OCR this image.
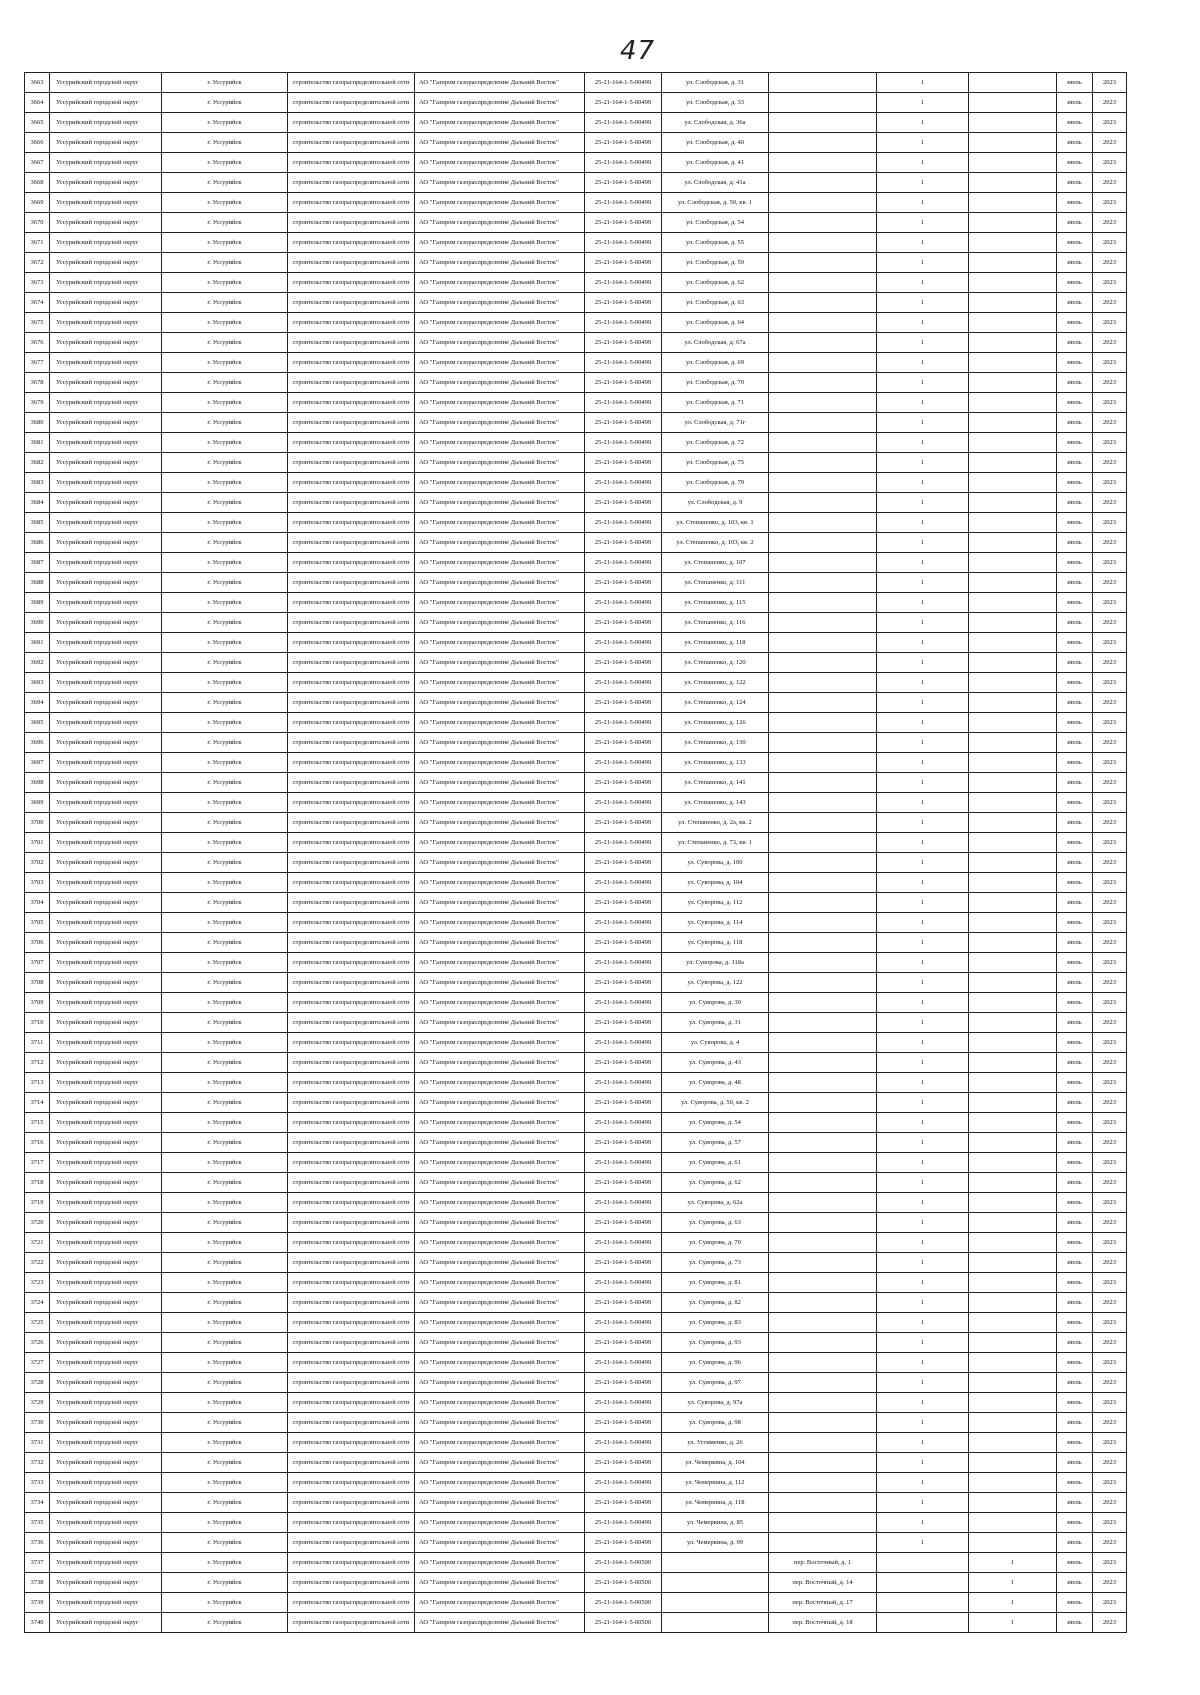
47
3663	Уссурийский городской округ	г. Уссурийск	строительство газораспределительной сети	АО "Газпром газораспределение Дальний Восток"	25-21-164-1-5-00499	ул. Слободская, д. 31		1		июль	2023
3664	Уссурийский городской округ	г. Уссурийск	строительство газораспределительной сети	АО "Газпром газораспределение Дальний Восток"	25-21-164-1-5-00499	ул. Слободская, д. 33		1		июль	2023
3665	Уссурийский городской округ	г. Уссурийск	строительство газораспределительной сети	АО "Газпром газораспределение Дальний Восток"	25-21-164-1-5-00499	ул. Слободская, д. 36а		1		июль	2023
3666	Уссурийский городской округ	г. Уссурийск	строительство газораспределительной сети	АО "Газпром газораспределение Дальний Восток"	25-21-164-1-5-00499	ул. Слободская, д. 40		1		июль	2023
3667	Уссурийский городской округ	г. Уссурийск	строительство газораспределительной сети	АО "Газпром газораспределение Дальний Восток"	25-21-164-1-5-00499	ул. Слободская, д. 41		1		июль	2023
3668	Уссурийский городской округ	г. Уссурийск	строительство газораспределительной сети	АО "Газпром газораспределение Дальний Восток"	25-21-164-1-5-00499	ул. Слободская, д. 41а		1		июль	2023
3669	Уссурийский городской округ	г. Уссурийск	строительство газораспределительной сети	АО "Газпром газораспределение Дальний Восток"	25-21-164-1-5-00499	ул. Слободская, д. 50, кв. 1		1		июль	2023
3670	Уссурийский городской округ	г. Уссурийск	строительство газораспределительной сети	АО "Газпром газораспределение Дальний Восток"	25-21-164-1-5-00499	ул. Слободская, д. 54		1		июль	2023
3671	Уссурийский городской округ	г. Уссурийск	строительство газораспределительной сети	АО "Газпром газораспределение Дальний Восток"	25-21-164-1-5-00499	ул. Слободская, д. 55		1		июль	2023
3672	Уссурийский городской округ	г. Уссурийск	строительство газораспределительной сети	АО "Газпром газораспределение Дальний Восток"	25-21-164-1-5-00499	ул. Слободская, д. 59		1		июль	2023
3673	Уссурийский городской округ	г. Уссурийск	строительство газораспределительной сети	АО "Газпром газораспределение Дальний Восток"	25-21-164-1-5-00499	ул. Слободская, д. 62		1		июль	2023
3674	Уссурийский городской округ	г. Уссурийск	строительство газораспределительной сети	АО "Газпром газораспределение Дальний Восток"	25-21-164-1-5-00499	ул. Слободская, д. 63		1		июль	2023
3675	Уссурийский городской округ	г. Уссурийск	строительство газораспределительной сети	АО "Газпром газораспределение Дальний Восток"	25-21-164-1-5-00499	ул. Слободская, д. 64		1		июль	2023
3676	Уссурийский городской округ	г. Уссурийск	строительство газораспределительной сети	АО "Газпром газораспределение Дальний Восток"	25-21-164-1-5-00499	ул. Слободская, д. 67а		1		июль	2023
3677	Уссурийский городской округ	г. Уссурийск	строительство газораспределительной сети	АО "Газпром газораспределение Дальний Восток"	25-21-164-1-5-00499	ул. Слободская, д. 69		1		июль	2023
3678	Уссурийский городской округ	г. Уссурийск	строительство газораспределительной сети	АО "Газпром газораспределение Дальний Восток"	25-21-164-1-5-00499	ул. Слободская, д. 70		1		июль	2023
3679	Уссурийский городской округ	г. Уссурийск	строительство газораспределительной сети	АО "Газпром газораспределение Дальний Восток"	25-21-164-1-5-00499	ул. Слободская, д. 71		1		июль	2023
3680	Уссурийский городской округ	г. Уссурийск	строительство газораспределительной сети	АО "Газпром газораспределение Дальний Восток"	25-21-164-1-5-00499	ул. Слободская, д. 71г		1		июль	2023
3681	Уссурийский городской округ	г. Уссурийск	строительство газораспределительной сети	АО "Газпром газораспределение Дальний Восток"	25-21-164-1-5-00499	ул. Слободская, д. 72		1		июль	2023
3682	Уссурийский городской округ	г. Уссурийск	строительство газораспределительной сети	АО "Газпром газораспределение Дальний Восток"	25-21-164-1-5-00499	ул. Слободская, д. 75		1		июль	2023
3683	Уссурийский городской округ	г. Уссурийск	строительство газораспределительной сети	АО "Газпром газораспределение Дальний Восток"	25-21-164-1-5-00499	ул. Слободская, д. 79		1		июль	2023
3684	Уссурийский городской округ	г. Уссурийск	строительство газораспределительной сети	АО "Газпром газораспределение Дальний Восток"	25-21-164-1-5-00499	ул. Слободская, д. 9		1		июль	2023
3685	Уссурийский городской округ	г. Уссурийск	строительство газораспределительной сети	АО "Газпром газораспределение Дальний Восток"	25-21-164-1-5-00499	ул. Степаненко, д. 103, кв. 1		1		июль	2023
3686	Уссурийский городской округ	г. Уссурийск	строительство газораспределительной сети	АО "Газпром газораспределение Дальний Восток"	25-21-164-1-5-00499	ул. Степаненко, д. 103, кв. 2		1		июль	2023
3687	Уссурийский городской округ	г. Уссурийск	строительство газораспределительной сети	АО "Газпром газораспределение Дальний Восток"	25-21-164-1-5-00499	ул. Степаненко, д. 107		1		июль	2023
3688	Уссурийский городской округ	г. Уссурийск	строительство газораспределительной сети	АО "Газпром газораспределение Дальний Восток"	25-21-164-1-5-00499	ул. Степаненко, д. 111		1		июль	2023
3689	Уссурийский городской округ	г. Уссурийск	строительство газораспределительной сети	АО "Газпром газораспределение Дальний Восток"	25-21-164-1-5-00499	ул. Степаненко, д. 115		1		июль	2023
3690	Уссурийский городской округ	г. Уссурийск	строительство газораспределительной сети	АО "Газпром газораспределение Дальний Восток"	25-21-164-1-5-00499	ул. Степаненко, д. 116		1		июль	2023
3691	Уссурийский городской округ	г. Уссурийск	строительство газораспределительной сети	АО "Газпром газораспределение Дальний Восток"	25-21-164-1-5-00499	ул. Степаненко, д. 118		1		июль	2023
3692	Уссурийский городской округ	г. Уссурийск	строительство газораспределительной сети	АО "Газпром газораспределение Дальний Восток"	25-21-164-1-5-00499	ул. Степаненко, д. 120		1		июль	2023
3693	Уссурийский городской округ	г. Уссурийск	строительство газораспределительной сети	АО "Газпром газораспределение Дальний Восток"	25-21-164-1-5-00499	ул. Степаненко, д. 122		1		июль	2023
3694	Уссурийский городской округ	г. Уссурийск	строительство газораспределительной сети	АО "Газпром газораспределение Дальний Восток"	25-21-164-1-5-00499	ул. Степаненко, д. 124		1		июль	2023
3695	Уссурийский городской округ	г. Уссурийск	строительство газораспределительной сети	АО "Газпром газораспределение Дальний Восток"	25-21-164-1-5-00499	ул. Степаненко, д. 126		1		июль	2023
3696	Уссурийский городской округ	г. Уссурийск	строительство газораспределительной сети	АО "Газпром газораспределение Дальний Восток"	25-21-164-1-5-00499	ул. Степаненко, д. 130		1		июль	2023
3697	Уссурийский городской округ	г. Уссурийск	строительство газораспределительной сети	АО "Газпром газораспределение Дальний Восток"	25-21-164-1-5-00499	ул. Степаненко, д. 133		1		июль	2023
3698	Уссурийский городской округ	г. Уссурийск	строительство газораспределительной сети	АО "Газпром газораспределение Дальний Восток"	25-21-164-1-5-00499	ул. Степаненко, д. 141		1		июль	2023
3699	Уссурийский городской округ	г. Уссурийск	строительство газораспределительной сети	АО "Газпром газораспределение Дальний Восток"	25-21-164-1-5-00499	ул. Степаненко, д. 143		1		июль	2023
3700	Уссурийский городской округ	г. Уссурийск	строительство газораспределительной сети	АО "Газпром газораспределение Дальний Восток"	25-21-164-1-5-00499	ул. Степаненко, д. 2а, кв. 2		1		июль	2023
3701	Уссурийский городской округ	г. Уссурийск	строительство газораспределительной сети	АО "Газпром газораспределение Дальний Восток"	25-21-164-1-5-00499	ул. Степаненко, д. 73, кв. 1		1		июль	2023
3702	Уссурийский городской округ	г. Уссурийск	строительство газораспределительной сети	АО "Газпром газораспределение Дальний Восток"	25-21-164-1-5-00499	ул. Суворова, д. 100		1		июль	2023
3703	Уссурийский городской округ	г. Уссурийск	строительство газораспределительной сети	АО "Газпром газораспределение Дальний Восток"	25-21-164-1-5-00499	ул. Суворова, д. 104		1		июль	2023
3704	Уссурийский городской округ	г. Уссурийск	строительство газораспределительной сети	АО "Газпром газораспределение Дальний Восток"	25-21-164-1-5-00499	ул. Суворова, д. 112		1		июль	2023
3705	Уссурийский городской округ	г. Уссурийск	строительство газораспределительной сети	АО "Газпром газораспределение Дальний Восток"	25-21-164-1-5-00499	ул. Суворова, д. 114		1		июль	2023
3706	Уссурийский городской округ	г. Уссурийск	строительство газораспределительной сети	АО "Газпром газораспределение Дальний Восток"	25-21-164-1-5-00499	ул. Суворова, д. 118		1		июль	2023
3707	Уссурийский городской округ	г. Уссурийск	строительство газораспределительной сети	АО "Газпром газораспределение Дальний Восток"	25-21-164-1-5-00499	ул. Суворова, д. 118а		1		июль	2023
3708	Уссурийский городской округ	г. Уссурийск	строительство газораспределительной сети	АО "Газпром газораспределение Дальний Восток"	25-21-164-1-5-00499	ул. Суворова, д. 122		1		июль	2023
3709	Уссурийский городской округ	г. Уссурийск	строительство газораспределительной сети	АО "Газпром газораспределение Дальний Восток"	25-21-164-1-5-00499	ул. Суворова, д. 30		1		июль	2023
3710	Уссурийский городской округ	г. Уссурийск	строительство газораспределительной сети	АО "Газпром газораспределение Дальний Восток"	25-21-164-1-5-00499	ул. Суворова, д. 31		1		июль	2023
3711	Уссурийский городской округ	г. Уссурийск	строительство газораспределительной сети	АО "Газпром газораспределение Дальний Восток"	25-21-164-1-5-00499	ул. Суворова, д. 4		1		июль	2023
3712	Уссурийский городской округ	г. Уссурийск	строительство газораспределительной сети	АО "Газпром газораспределение Дальний Восток"	25-21-164-1-5-00499	ул. Суворова, д. 43		1		июль	2023
3713	Уссурийский городской округ	г. Уссурийск	строительство газораспределительной сети	АО "Газпром газораспределение Дальний Восток"	25-21-164-1-5-00499	ул. Суворова, д. 48		1		июль	2023
3714	Уссурийский городской округ	г. Уссурийск	строительство газораспределительной сети	АО "Газпром газораспределение Дальний Восток"	25-21-164-1-5-00499	ул. Суворова, д. 50, кв. 2		1		июль	2023
3715	Уссурийский городской округ	г. Уссурийск	строительство газораспределительной сети	АО "Газпром газораспределение Дальний Восток"	25-21-164-1-5-00499	ул. Суворова, д. 54		1		июль	2023
3716	Уссурийский городской округ	г. Уссурийск	строительство газораспределительной сети	АО "Газпром газораспределение Дальний Восток"	25-21-164-1-5-00499	ул. Суворова, д. 57		1		июль	2023
3717	Уссурийский городской округ	г. Уссурийск	строительство газораспределительной сети	АО "Газпром газораспределение Дальний Восток"	25-21-164-1-5-00499	ул. Суворова, д. 61		1		июль	2023
3718	Уссурийский городской округ	г. Уссурийск	строительство газораспределительной сети	АО "Газпром газораспределение Дальний Восток"	25-21-164-1-5-00499	ул. Суворова, д. 62		1		июль	2023
3719	Уссурийский городской округ	г. Уссурийск	строительство газораспределительной сети	АО "Газпром газораспределение Дальний Восток"	25-21-164-1-5-00499	ул. Суворова, д. 62а		1		июль	2023
3720	Уссурийский городской округ	г. Уссурийск	строительство газораспределительной сети	АО "Газпром газораспределение Дальний Восток"	25-21-164-1-5-00499	ул. Суворова, д. 63		1		июль	2023
3721	Уссурийский городской округ	г. Уссурийск	строительство газораспределительной сети	АО "Газпром газораспределение Дальний Восток"	25-21-164-1-5-00499	ул. Суворова, д. 70		1		июль	2023
3722	Уссурийский городской округ	г. Уссурийск	строительство газораспределительной сети	АО "Газпром газораспределение Дальний Восток"	25-21-164-1-5-00499	ул. Суворова, д. 73		1		июль	2023
3723	Уссурийский городской округ	г. Уссурийск	строительство газораспределительной сети	АО "Газпром газораспределение Дальний Восток"	25-21-164-1-5-00499	ул. Суворова, д. 81		1		июль	2023
3724	Уссурийский городской округ	г. Уссурийск	строительство газораспределительной сети	АО "Газпром газораспределение Дальний Восток"	25-21-164-1-5-00499	ул. Суворова, д. 82		1		июль	2023
3725	Уссурийский городской округ	г. Уссурийск	строительство газораспределительной сети	АО "Газпром газораспределение Дальний Восток"	25-21-164-1-5-00499	ул. Суворова, д. 83		1		июль	2023
3726	Уссурийский городской округ	г. Уссурийск	строительство газораспределительной сети	АО "Газпром газораспределение Дальний Восток"	25-21-164-1-5-00499	ул. Суворова, д. 93		1		июль	2023
3727	Уссурийский городской округ	г. Уссурийск	строительство газораспределительной сети	АО "Газпром газораспределение Дальний Восток"	25-21-164-1-5-00499	ул. Суворова, д. 96		1		июль	2023
3728	Уссурийский городской округ	г. Уссурийск	строительство газораспределительной сети	АО "Газпром газораспределение Дальний Восток"	25-21-164-1-5-00499	ул. Суворова, д. 97		1		июль	2023
3729	Уссурийский городской округ	г. Уссурийск	строительство газораспределительной сети	АО "Газпром газораспределение Дальний Восток"	25-21-164-1-5-00499	ул. Суворова, д. 97а		1		июль	2023
3730	Уссурийский городской округ	г. Уссурийск	строительство газораспределительной сети	АО "Газпром газораспределение Дальний Восток"	25-21-164-1-5-00499	ул. Суворова, д. 98		1		июль	2023
3731	Уссурийский городской округ	г. Уссурийск	строительство газораспределительной сети	АО "Газпром газораспределение Дальний Восток"	25-21-164-1-5-00499	ул. Устименко, д. 26		1		июль	2023
3732	Уссурийский городской округ	г. Уссурийск	строительство газораспределительной сети	АО "Газпром газораспределение Дальний Восток"	25-21-164-1-5-00499	ул. Чемеркина, д. 104		1		июль	2023
3733	Уссурийский городской округ	г. Уссурийск	строительство газораспределительной сети	АО "Газпром газораспределение Дальний Восток"	25-21-164-1-5-00499	ул. Чемеркина, д. 112		1		июль	2023
3734	Уссурийский городской округ	г. Уссурийск	строительство газораспределительной сети	АО "Газпром газораспределение Дальний Восток"	25-21-164-1-5-00499	ул. Чемеркина, д. 118		1		июль	2023
3735	Уссурийский городской округ	г. Уссурийск	строительство газораспределительной сети	АО "Газпром газораспределение Дальний Восток"	25-21-164-1-5-00499	ул. Чемеркина, д. 85		1		июль	2023
3736	Уссурийский городской округ	г. Уссурийск	строительство газораспределительной сети	АО "Газпром газораспределение Дальний Восток"	25-21-164-1-5-00499	ул. Чемеркина, д. 99		1		июль	2023
3737	Уссурийский городской округ	г. Уссурийск	строительство газораспределительной сети	АО "Газпром газораспределение Дальний Восток"	25-21-164-1-5-00500		пер. Восточный, д. 1		1	июль	2023
3738	Уссурийский городской округ	г. Уссурийск	строительство газораспределительной сети	АО "Газпром газораспределение Дальний Восток"	25-21-164-1-5-00500		пер. Восточный, д. 14		1	июль	2023
3739	Уссурийский городской округ	г. Уссурийск	строительство газораспределительной сети	АО "Газпром газораспределение Дальний Восток"	25-21-164-1-5-00500		пер. Восточный, д. 17		1	июль	2023
3740	Уссурийский городской округ	г. Уссурийск	строительство газораспределительной сети	АО "Газпром газораспределение Дальний Восток"	25-21-164-1-5-00500		пер. Восточный, д. 18		1	июль	2023
